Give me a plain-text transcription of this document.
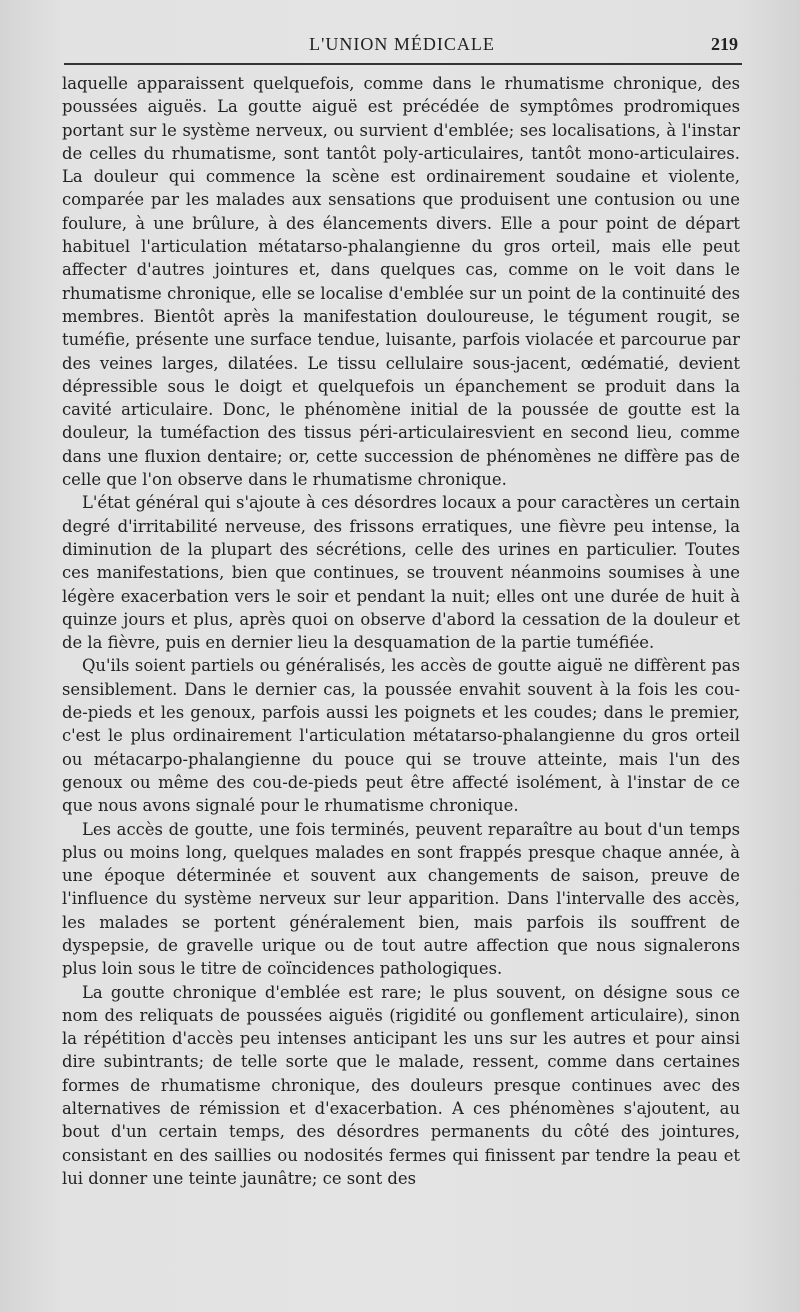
L'UNION MÉDICALE	219

laquelle apparaissent quelquefois, comme dans le rhumatisme chronique, des poussées aiguës. La goutte aiguë est précédée de symptômes prodromiques portant sur le système nerveux, ou survient d'emblée; ses localisations, à l'instar de celles du rhumatisme, sont tantôt poly-articulaires, tantôt mono-articulaires. La douleur qui commence la scène est ordinairement soudaine et violente, comparée par les malades aux sensations que produisent une contusion ou une foulure, à une brûlure, à des élancements divers. Elle a pour point de départ habituel l'articulation métatarso-phalangienne du gros orteil, mais elle peut affecter d'autres jointures et, dans quelques cas, comme on le voit dans le rhumatisme chronique, elle se localise d'emblée sur un point de la continuité des membres. Bientôt après la manifestation douloureuse, le tégument rougit, se tuméfie, présente une surface tendue, luisante, parfois violacée et parcourue par des veines larges, dilatées. Le tissu cellulaire sous-jacent, œdématié, devient dépressible sous le doigt et quelquefois un épanchement se produit dans la cavité articulaire. Donc, le phénomène initial de la poussée de goutte est la douleur, la tuméfaction des tissus péri-articulairesvient en second lieu, comme dans une fluxion dentaire; or, cette succession de phénomènes ne diffère pas de celle que l'on observe dans le rhumatisme chronique.

L'état général qui s'ajoute à ces désordres locaux a pour caractères un certain degré d'irritabilité nerveuse, des frissons erratiques, une fièvre peu intense, la diminution de la plupart des sécrétions, celle des urines en particulier. Toutes ces manifestations, bien que continues, se trouvent néanmoins soumises à une légère exacerbation vers le soir et pendant la nuit; elles ont une durée de huit à quinze jours et plus, après quoi on observe d'abord la cessation de la douleur et de la fièvre, puis en dernier lieu la desquamation de la partie tuméfiée.

Qu'ils soient partiels ou généralisés, les accès de goutte aiguë ne diffèrent pas sensiblement. Dans le dernier cas, la poussée envahit souvent à la fois les cou-de-pieds et les genoux, parfois aussi les poignets et les coudes; dans le premier, c'est le plus ordinairement l'articulation métatarso-phalangienne du gros orteil ou métacarpo-phalangienne du pouce qui se trouve atteinte, mais l'un des genoux ou même des cou-de-pieds peut être affecté isolément, à l'instar de ce que nous avons signalé pour le rhumatisme chronique.

Les accès de goutte, une fois terminés, peuvent reparaître au bout d'un temps plus ou moins long, quelques malades en sont frappés presque chaque année, à une époque déterminée et souvent aux changements de saison, preuve de l'influence du système nerveux sur leur apparition. Dans l'intervalle des accès, les malades se portent généralement bien, mais parfois ils souffrent de dyspepsie, de gravelle urique ou de tout autre affection que nous signalerons plus loin sous le titre de coïncidences pathologiques.

La goutte chronique d'emblée est rare; le plus souvent, on désigne sous ce nom des reliquats de poussées aiguës (rigidité ou gonflement articulaire), sinon la répétition d'accès peu intenses anticipant les uns sur les autres et pour ainsi dire subintrants; de telle sorte que le malade, ressent, comme dans certaines formes de rhumatisme chronique, des douleurs presque continues avec des alternatives de rémission et d'exacerbation. A ces phénomènes s'ajoutent, au bout d'un certain temps, des désordres permanents du côté des jointures, consistant en des saillies ou nodosités fermes qui finissent par tendre la peau et lui donner une teinte jaunâtre; ce sont des
